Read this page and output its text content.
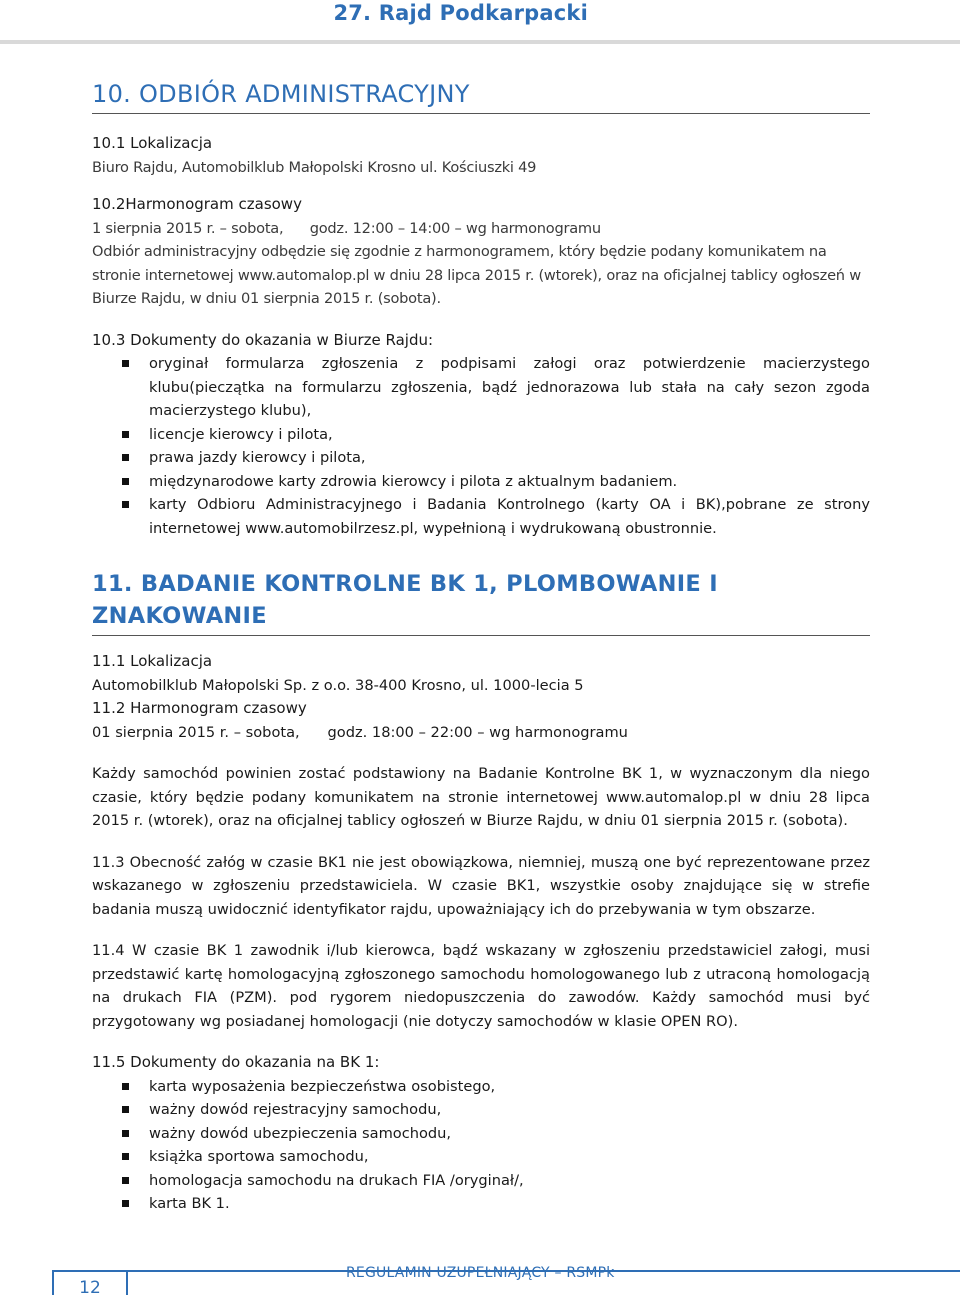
27. Rajd Podkarpacki
10. ODBIÓR ADMINISTRACYJNY

10.1 Lokalizacja

Biuro Rajdu, Automobilklub Małopolski Krosno ul. Kościuszki 49

10.2Harmonogram czasowy

1 sierpnia 2015 r. – sobota,      godz. 12:00 – 14:00 – wg harmonogramu

Odbiór administracyjny odbędzie się zgodnie z harmonogramem, który będzie podany komunikatem na stronie internetowej www.automalop.pl w dniu 28 lipca 2015 r. (wtorek), oraz na oficjalnej tablicy ogłoszeń w Biurze Rajdu, w dniu 01 sierpnia 2015 r. (sobota).

10.3 Dokumenty do okazania w Biurze Rajdu:

oryginał formularza zgłoszenia z podpisami załogi oraz potwierdzenie macierzystego klubu(pieczątka na formularzu zgłoszenia, bądź jednorazowa lub stała na cały sezon zgoda macierzystego klubu),
licencje kierowcy i pilota,
prawa jazdy kierowcy i pilota,
międzynarodowe karty zdrowia kierowcy i pilota z aktualnym badaniem.
karty Odbioru Administracyjnego i Badania Kontrolnego (karty OA i BK),pobrane ze strony internetowej www.automobilrzesz.pl, wypełnioną i wydrukowaną obustronnie.
11. BADANIE KONTROLNE BK 1, PLOMBOWANIE I ZNAKOWANIE

11.1 Lokalizacja

Automobilklub Małopolski Sp. z o.o. 38-400 Krosno, ul. 1000-lecia 5

11.2 Harmonogram czasowy

01 sierpnia 2015 r. – sobota,      godz. 18:00 – 22:00 – wg harmonogramu

Każdy samochód powinien zostać podstawiony na Badanie Kontrolne BK 1, w wyznaczonym dla niego czasie, który będzie podany komunikatem na stronie internetowej www.automalop.pl w dniu 28 lipca 2015 r. (wtorek), oraz na oficjalnej tablicy ogłoszeń w Biurze Rajdu, w dniu 01 sierpnia 2015 r. (sobota).

11.3 Obecność załóg w czasie BK1 nie jest obowiązkowa, niemniej, muszą one być reprezentowane przez wskazanego w zgłoszeniu przedstawiciela. W czasie BK1, wszystkie osoby znajdujące się w strefie badania muszą uwidocznić identyfikator rajdu, upoważniający ich do przebywania w tym obszarze.

11.4 W czasie BK 1 zawodnik i/lub kierowca, bądź wskazany w zgłoszeniu przedstawiciel załogi, musi przedstawić kartę homologacyjną zgłoszonego samochodu homologowanego lub z utraconą homologacją na drukach FIA (PZM). pod rygorem niedopuszczenia do zawodów. Każdy samochód musi być przygotowany wg posiadanej homologacji (nie dotyczy samochodów w klasie OPEN RO).

11.5 Dokumenty do okazania na BK 1:

karta wyposażenia bezpieczeństwa osobistego,
ważny dowód rejestracyjny samochodu,
ważny dowód ubezpieczenia samochodu,
książka sportowa samochodu,
homologacja samochodu na drukach FIA /oryginał/,
karta BK 1.
12
REGULAMIN UZUPEŁNIAJĄCY – RSMPk
